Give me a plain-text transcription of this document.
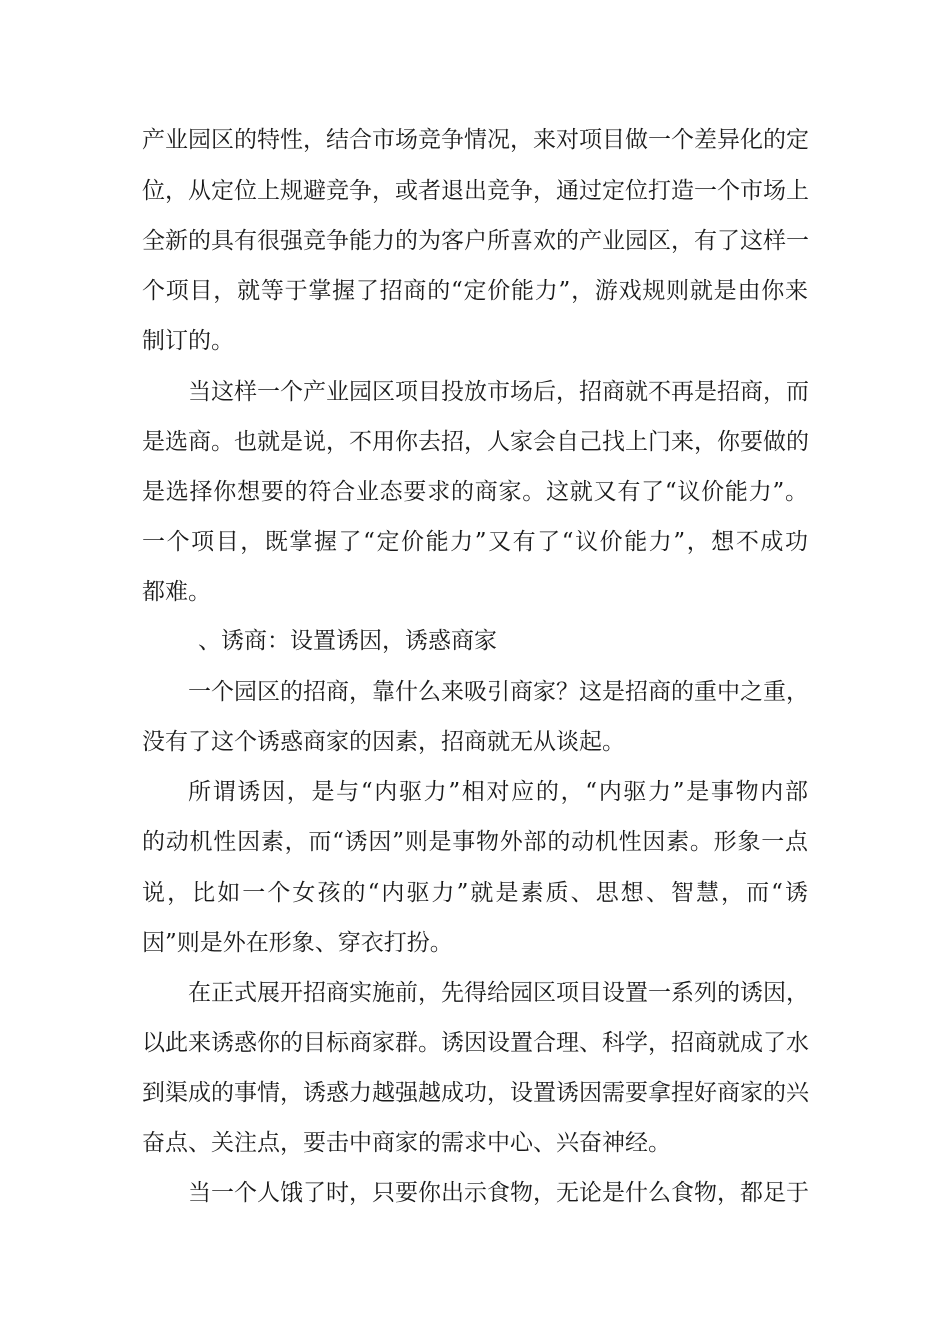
产业园区的特性，结合市场竞争情况，来对项目做一个差异化的定
位，从定位上规避竞争，或者退出竞争，通过定位打造一个市场上
全新的具有很强竞争能力的为客户所喜欢的产业园区，有了这样一
个项目，就等于掌握了招商的“定价能力”，游戏规则就是由你来
制订的。
当这样一个产业园区项目投放市场后，招商就不再是招商，而
是选商。也就是说，不用你去招，人家会自己找上门来，你要做的
是选择你想要的符合业态要求的商家。这就又有了“议价能力”。
一个项目，既掌握了“定价能力”又有了“议价能力”，想不成功
都难。
、诱商：设置诱因，诱惑商家
一个园区的招商，靠什么来吸引商家？这是招商的重中之重，
没有了这个诱惑商家的因素，招商就无从谈起。
所谓诱因，是与“内驱力”相对应的，“内驱力”是事物内部
的动机性因素，而“诱因”则是事物外部的动机性因素。形象一点
说，比如一个女孩的“内驱力”就是素质、思想、智慧，而“诱
因”则是外在形象、穿衣打扮。
在正式展开招商实施前，先得给园区项目设置一系列的诱因，
以此来诱惑你的目标商家群。诱因设置合理、科学，招商就成了水
到渠成的事情，诱惑力越强越成功，设置诱因需要拿捏好商家的兴
奋点、关注点，要击中商家的需求中心、兴奋神经。
当一个人饿了时，只要你出示食物，无论是什么食物，都足于
